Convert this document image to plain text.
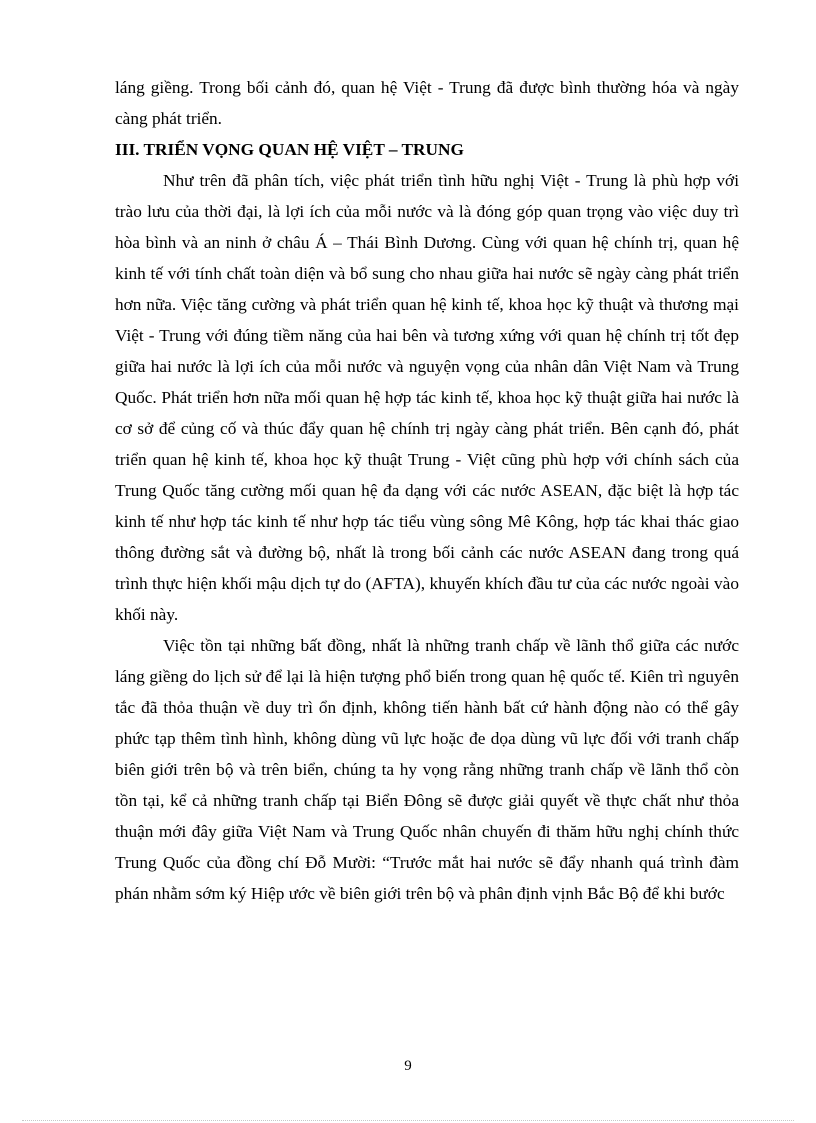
láng giềng. Trong bối cảnh đó, quan hệ Việt - Trung đã được bình thường hóa và ngày càng phát triển.

III. TRIỂN VỌNG QUAN HỆ VIỆT – TRUNG

Như trên đã phân tích, việc phát triển tình hữu nghị Việt - Trung là phù hợp với trào lưu của thời đại, là lợi ích của mỗi nước và là đóng góp quan trọng vào việc duy trì hòa bình và an ninh ở châu Á – Thái Bình Dương. Cùng với quan hệ chính trị, quan hệ kinh tế với tính chất toàn diện và bổ sung cho nhau giữa hai nước sẽ ngày càng phát triển hơn nữa. Việc tăng cường và phát triển quan hệ kinh tế, khoa học kỹ thuật và thương mại Việt - Trung với đúng tiềm năng của hai bên và tương xứng với quan hệ chính trị tốt đẹp giữa hai nước là lợi ích của mỗi nước và nguyện vọng của nhân dân Việt Nam và Trung Quốc. Phát triển hơn nữa mối quan hệ hợp tác kinh tế, khoa học kỹ thuật giữa hai nước là cơ sở để củng cố và thúc đẩy quan hệ chính trị ngày càng phát triển. Bên cạnh đó, phát triển quan hệ kinh tế, khoa học kỹ thuật Trung - Việt cũng phù hợp với chính sách của Trung Quốc tăng cường mối quan hệ đa dạng với các nước ASEAN, đặc biệt là hợp tác kinh tế như hợp tác kinh tế như hợp tác tiểu vùng sông Mê Kông, hợp tác khai thác giao thông đường sắt và đường bộ, nhất là trong bối cảnh các nước ASEAN đang trong quá trình thực hiện khối mậu dịch tự do (AFTA), khuyến khích đầu tư của các nước ngoài vào khối này.

Việc tồn tại những bất đồng, nhất là những tranh chấp về lãnh thổ giữa các nước láng giềng do lịch sử để lại là hiện tượng phổ biến trong quan hệ quốc tế. Kiên trì nguyên tắc đã thỏa thuận về duy trì ổn định, không tiến hành bất cứ hành động nào có thể gây phức tạp thêm tình hình, không dùng vũ lực hoặc đe dọa dùng vũ lực đối với tranh chấp biên giới trên bộ và trên biển, chúng ta hy vọng rằng những tranh chấp về lãnh thổ còn tồn tại, kể cả những tranh chấp tại Biển Đông sẽ được giải quyết về thực chất như thỏa thuận mới đây giữa Việt Nam và Trung Quốc nhân chuyến đi thăm hữu nghị chính thức Trung Quốc của đồng chí Đỗ Mười: “Trước mắt hai nước sẽ đẩy nhanh quá trình đàm phán nhằm sớm ký Hiệp ước về biên giới trên bộ và phân định vịnh Bắc Bộ để khi bước

9
